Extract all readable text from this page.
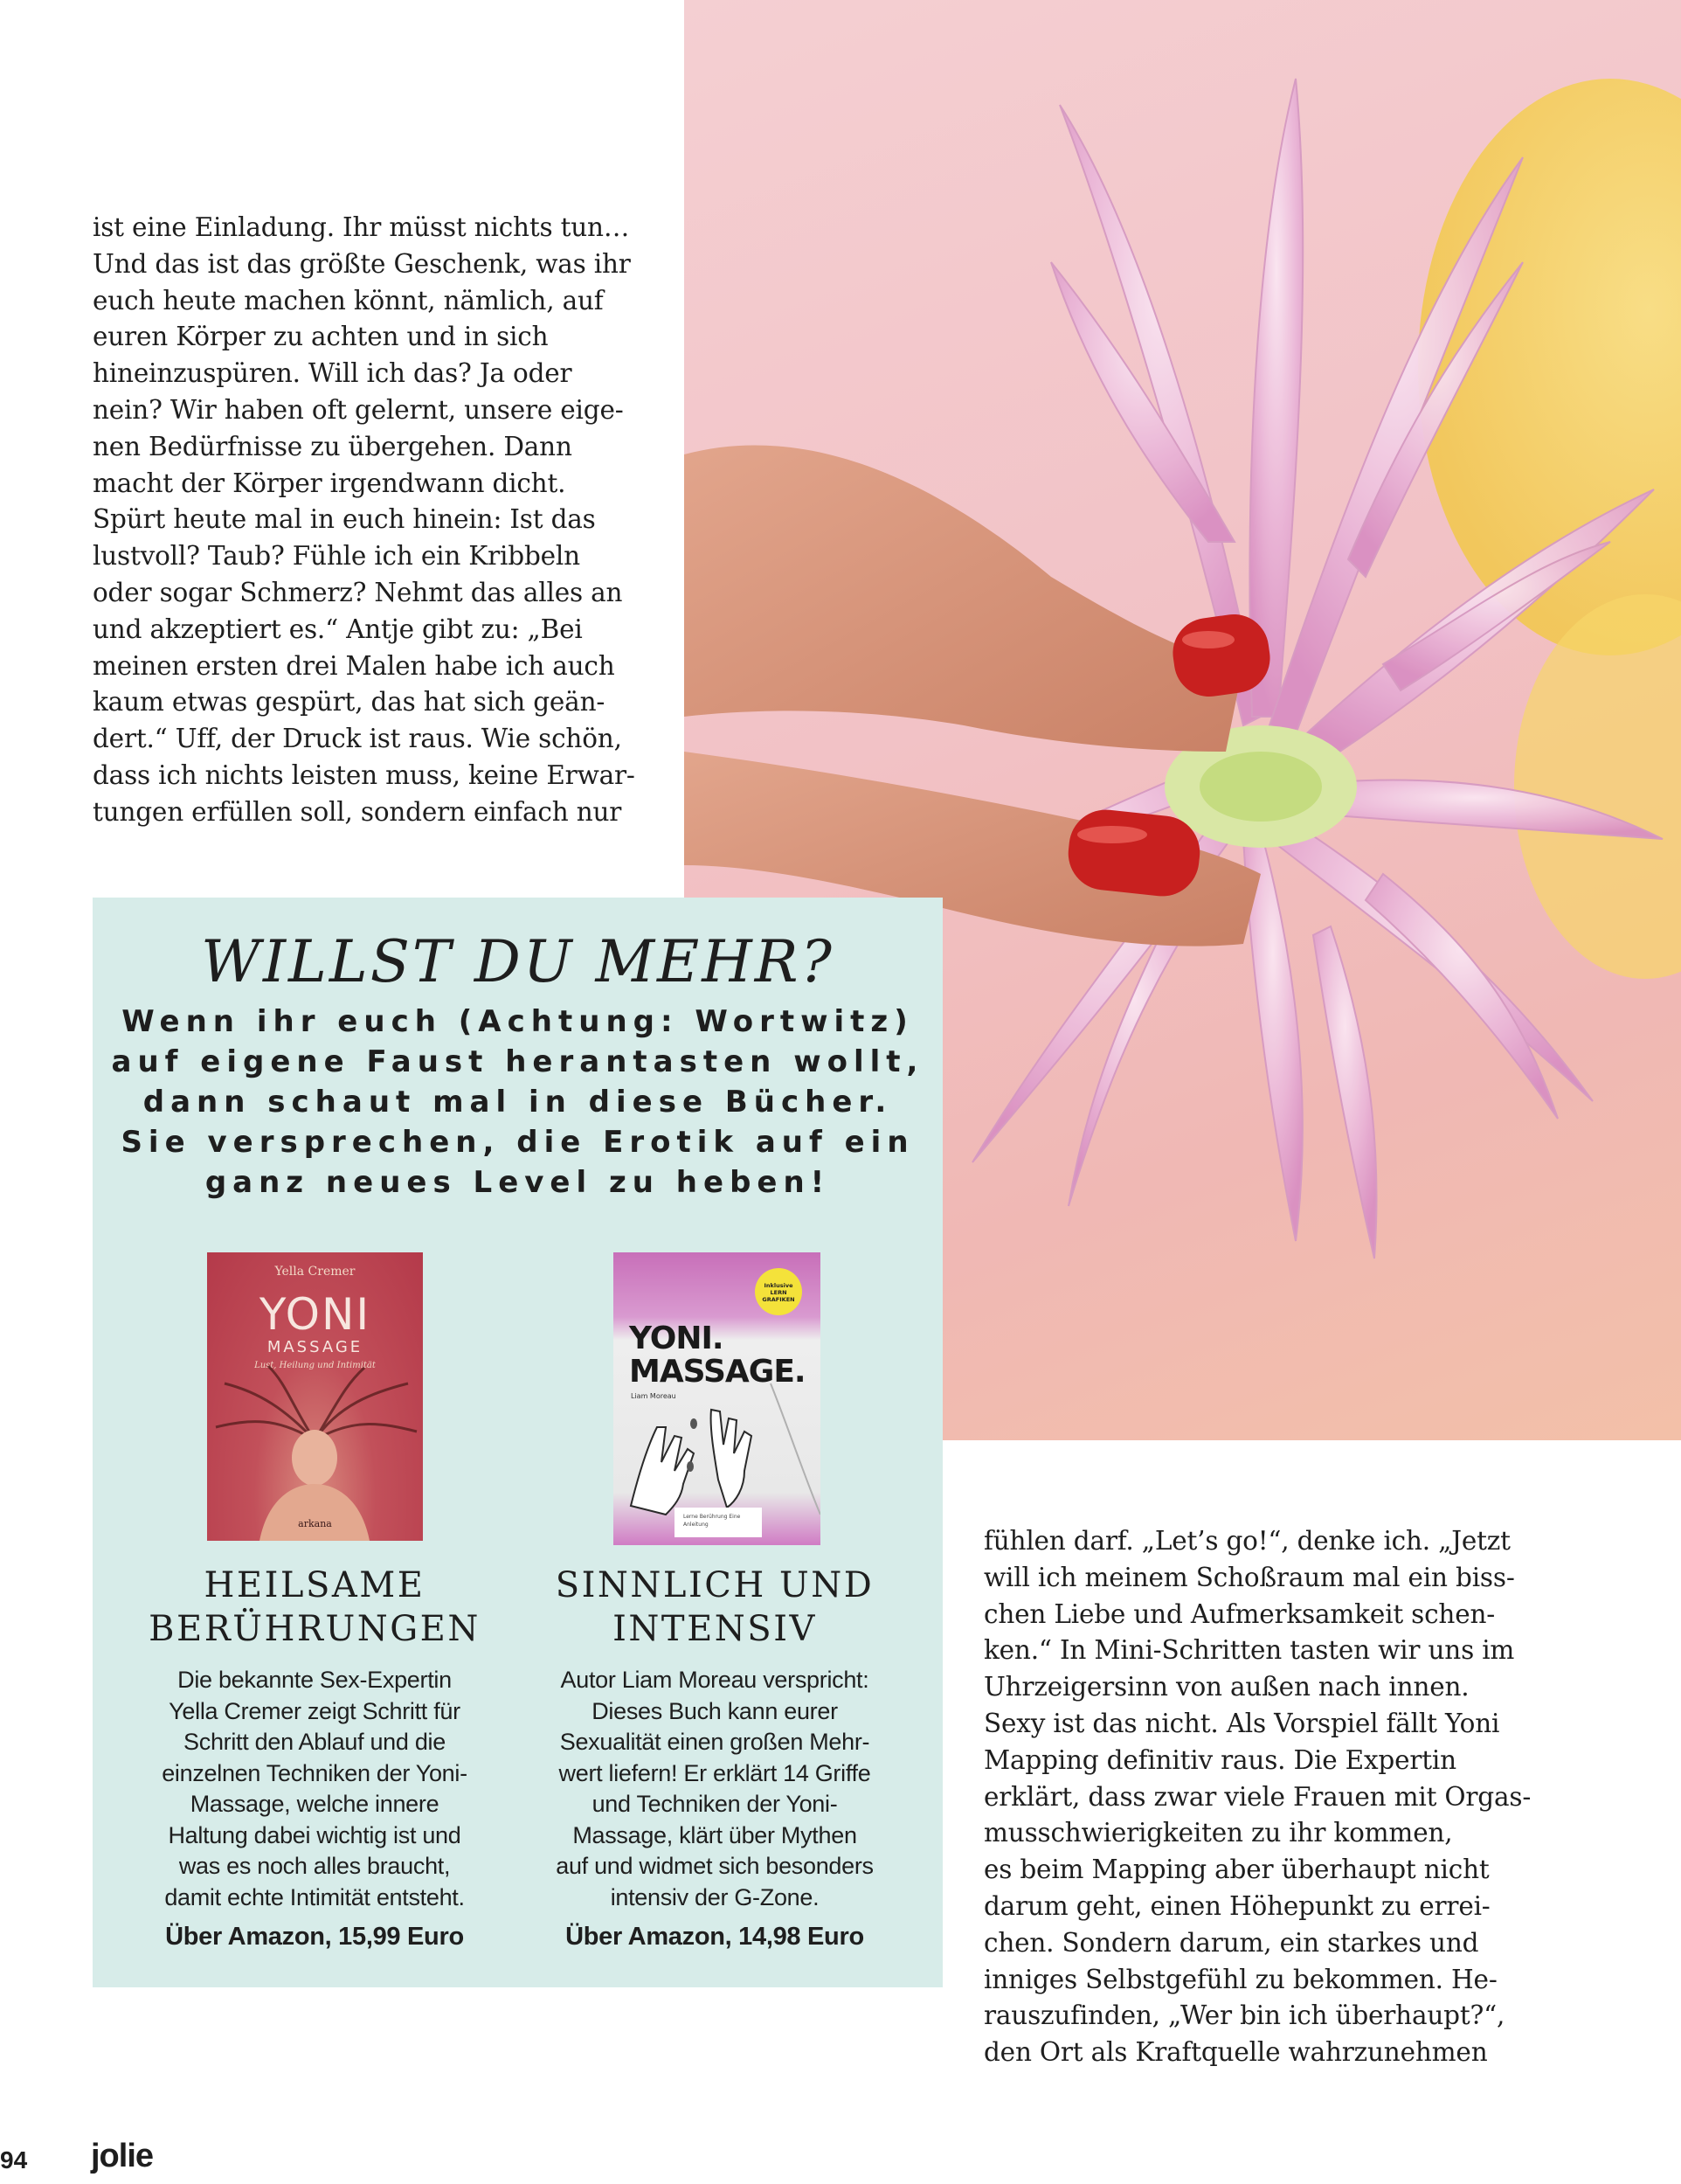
ist eine Einladung. Ihr müsst nichts tun…
Und das ist das größte Geschenk, was ihr
euch heute machen könnt, nämlich, auf
euren Körper zu achten und in sich
hineinzuspüren. Will ich das? Ja oder
nein? Wir haben oft gelernt, unsere eige-
nen Bedürfnisse zu übergehen. Dann
macht der Körper irgendwann dicht.
Spürt heute mal in euch hinein: Ist das
lustvoll? Taub? Fühle ich ein Kribbeln
oder sogar Schmerz? Nehmt das alles an
und akzeptiert es.“ Antje gibt zu: „Bei
meinen ersten drei Malen habe ich auch
kaum etwas gespürt, das hat sich geän-
dert.“ Uff, der Druck ist raus. Wie schön,
dass ich nichts leisten muss, keine Erwar-
tungen erfüllen soll, sondern einfach nur
WILLST DU MEHR?
Wenn ihr euch (Achtung: Wortwitz)
auf eigene Faust herantasten wollt,
dann schaut mal in diese Bücher.
Sie versprechen, die Erotik auf ein
ganz neues Level zu heben!
Yella Cremer
YONI
MASSAGE
Lust, Heilung und Intimität
arkana
Inklusive LERN GRAFIKEN
YONI.
MASSAGE.
Liam Moreau
Lerne Berührung Eine Anleitung
HEILSAME
BERÜHRUNGEN
SINNLICH UND
INTENSIV
Die bekannte Sex-Expertin
Yella Cremer zeigt Schritt für
Schritt den Ablauf und die
einzelnen Techniken der Yoni-
Massage, welche innere
Haltung dabei wichtig ist und
was es noch alles braucht,
damit echte Intimität entsteht.
Autor Liam Moreau verspricht:
Dieses Buch kann eurer
Sexualität einen großen Mehr-
wert liefern! Er erklärt 14 Griffe
und Techniken der Yoni-
Massage, klärt über Mythen
auf und widmet sich besonders
intensiv der G-Zone.
Über Amazon, 15,99 Euro	Über Amazon, 14,98 Euro
fühlen darf. „Let’s go!“, denke ich. „Jetzt
will ich meinem Schoßraum mal ein biss-
chen Liebe und Aufmerksamkeit schen-
ken.“ In Mini-Schritten tasten wir uns im
Uhrzeigersinn von außen nach innen.
Sexy ist das nicht. Als Vorspiel fällt Yoni
Mapping definitiv raus. Die Expertin
erklärt, dass zwar viele Frauen mit Orgas-
musschwierigkeiten zu ihr kommen,
es beim Mapping aber überhaupt nicht
darum geht, einen Höhepunkt zu errei-
chen. Sondern darum, ein starkes und
inniges Selbstgefühl zu bekommen. He-
rauszufinden, „Wer bin ich überhaupt?“,
den Ort als Kraftquelle wahrzunehmen
94 jolie
